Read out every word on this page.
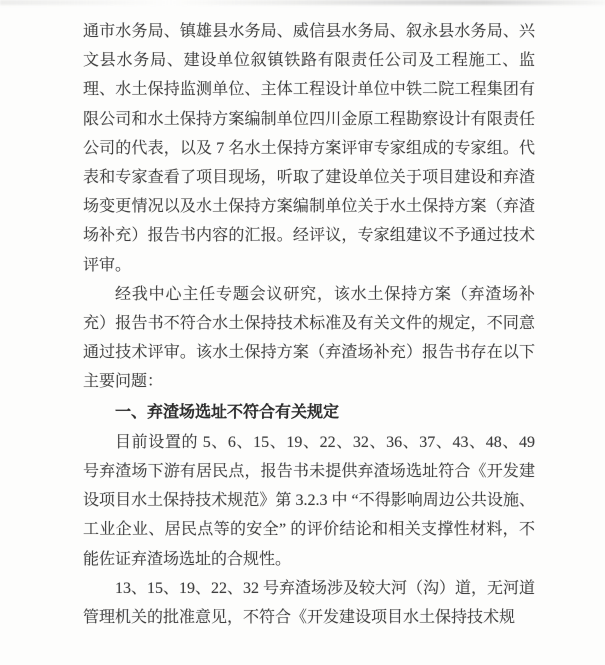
通市水务局、镇雄县水务局、威信县水务局、叙永县水务局、兴文县水务局、建设单位叙镇铁路有限责任公司及工程施工、监理、水土保持监测单位、主体工程设计单位中铁二院工程集团有限公司和水土保持方案编制单位四川金原工程勘察设计有限责任公司的代表，以及 7 名水土保持方案评审专家组成的专家组。代表和专家查看了项目现场，听取了建设单位关于项目建设和弃渣场变更情况以及水土保持方案编制单位关于水土保持方案（弃渣场补充）报告书内容的汇报。经评议，专家组建议不予通过技术评审。

经我中心主任专题会议研究，该水土保持方案（弃渣场补充）报告书不符合水土保持技术标准及有关文件的规定，不同意通过技术评审。该水土保持方案（弃渣场补充）报告书存在以下主要问题：

一、弃渣场选址不符合有关规定

目前设置的 5、6、15、19、22、32、36、37、43、48、49 号弃渣场下游有居民点，报告书未提供弃渣场选址符合《开发建设项目水土保持技术规范》第 3.2.3 中 “不得影响周边公共设施、工业企业、居民点等的安全” 的评价结论和相关支撑性材料，不能佐证弃渣场选址的合规性。

13、15、19、22、32 号弃渣场涉及较大河（沟）道，无河道管理机关的批准意见，不符合《开发建设项目水土保持技术规
